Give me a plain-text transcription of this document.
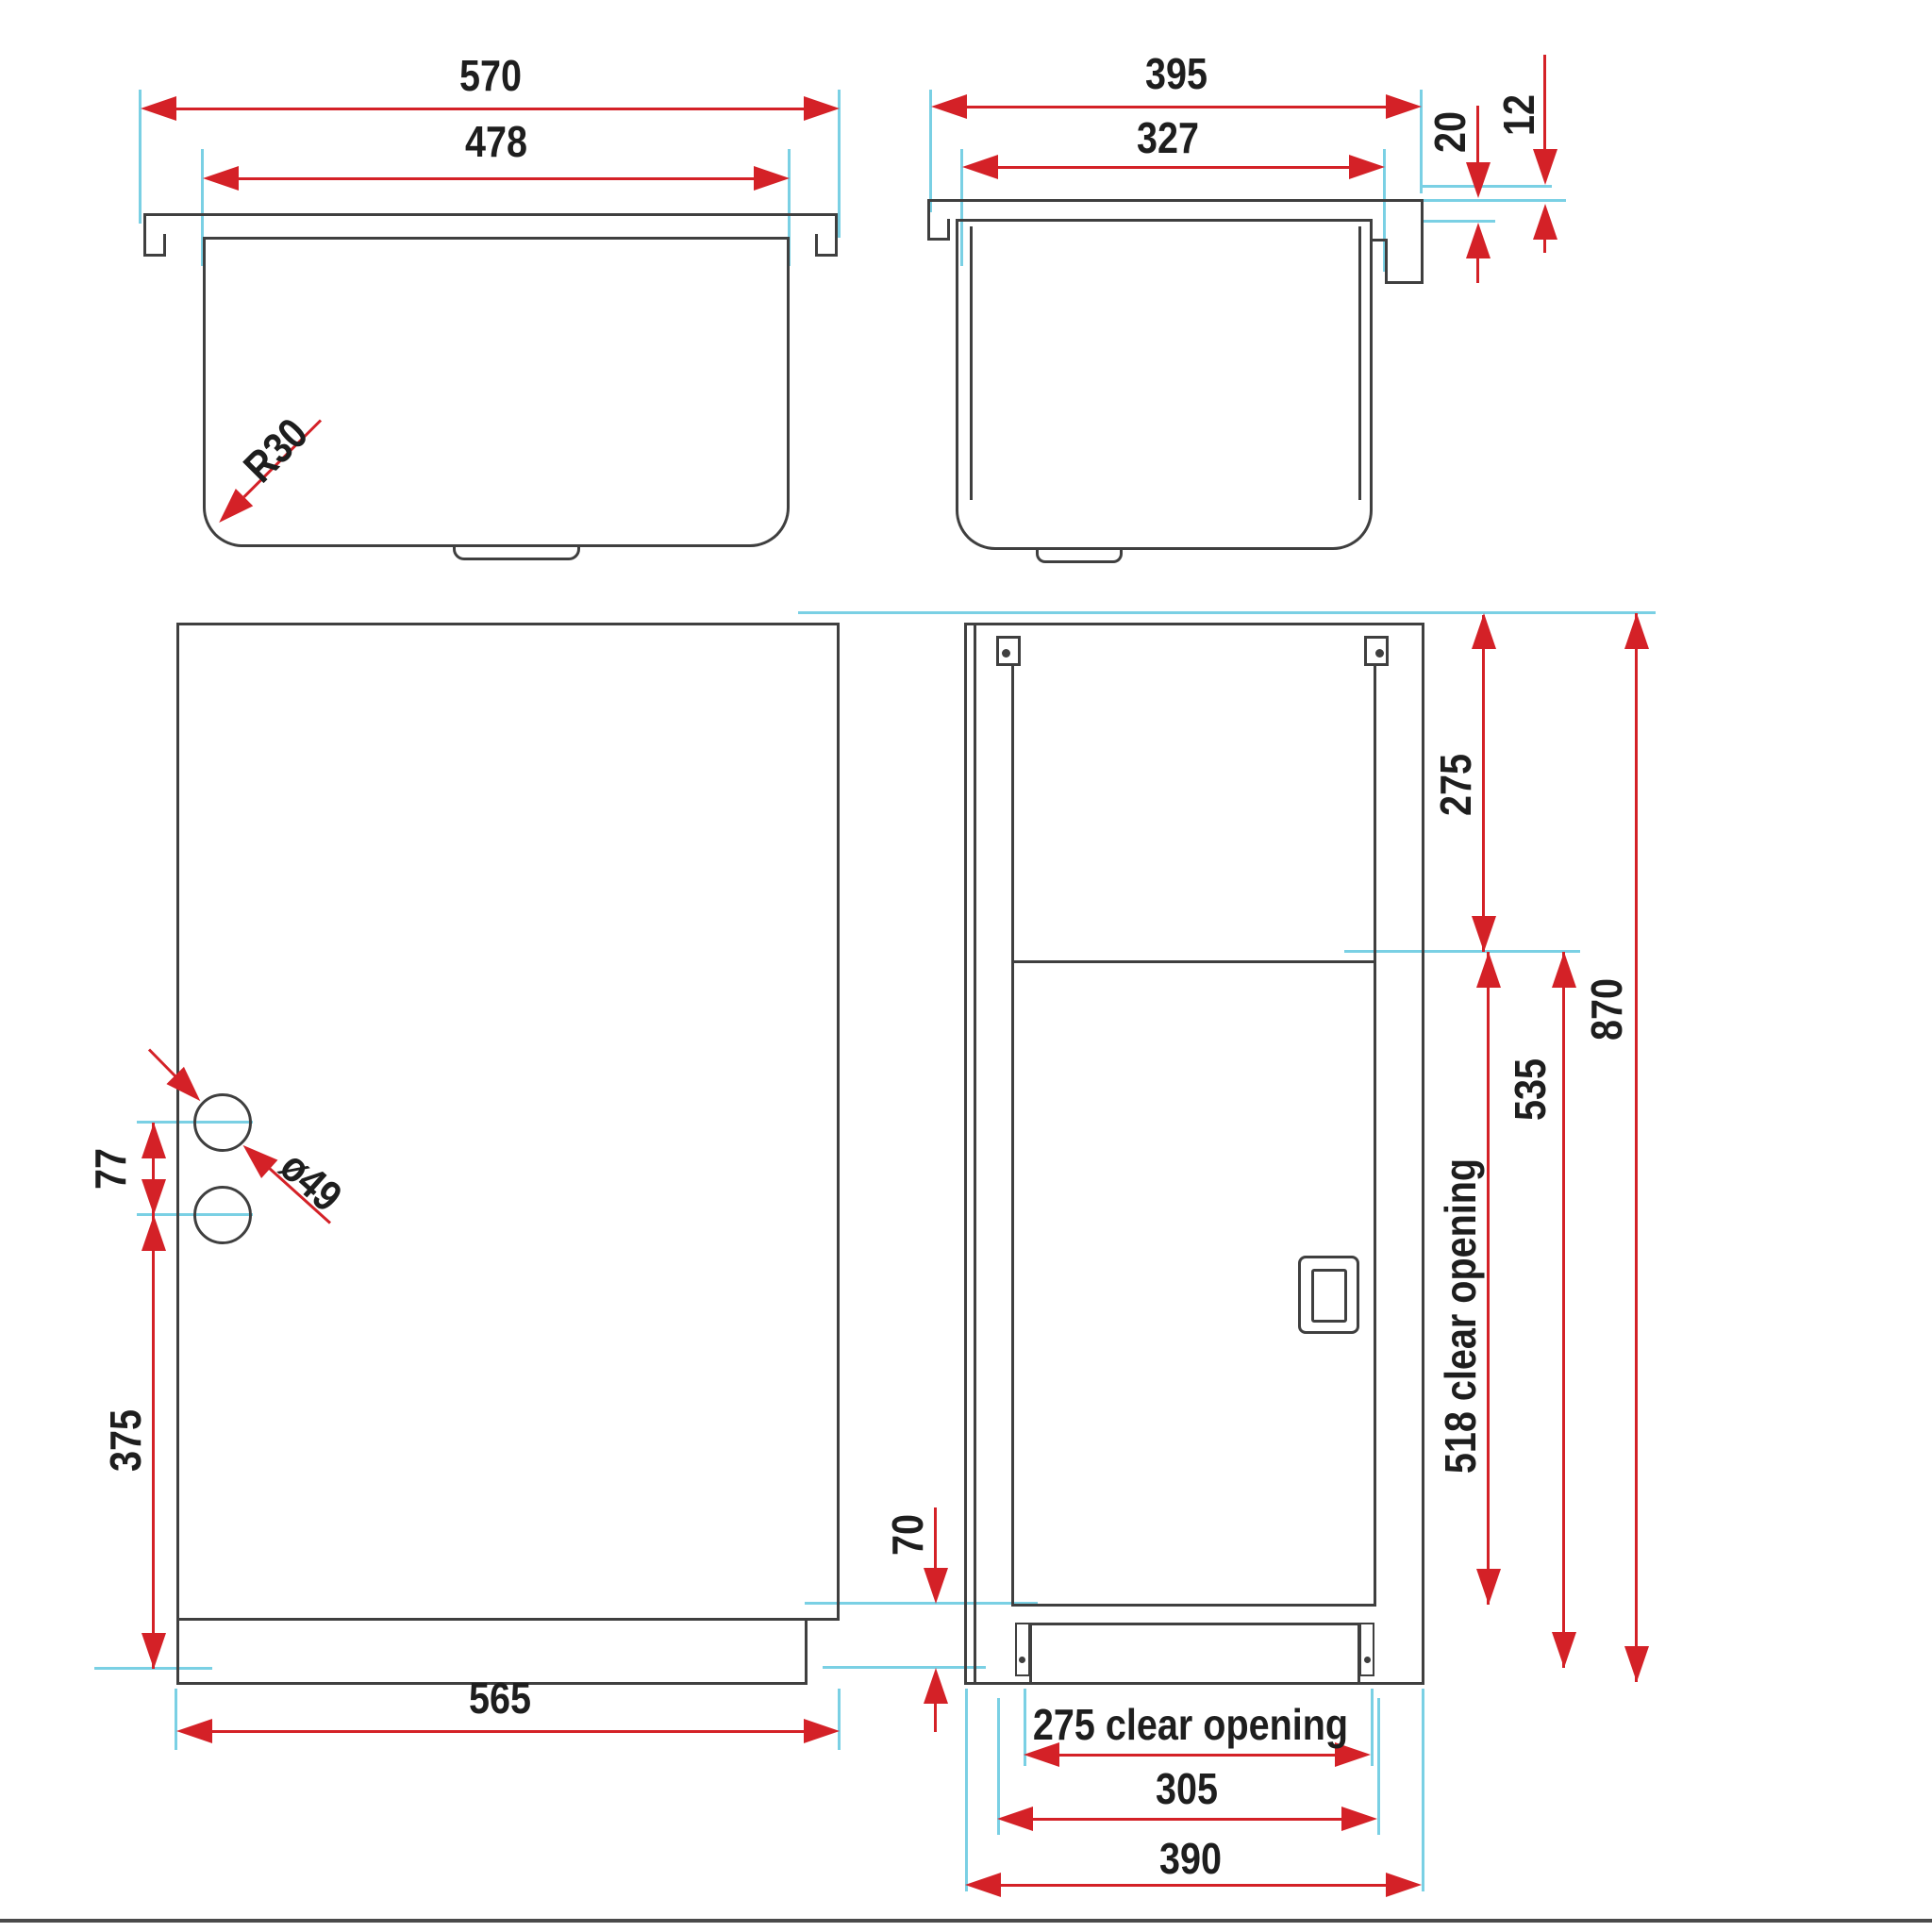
570
478
R30
395
327	20 12
77
375
ø49
565
70
275
518 clear opening
535
870
275 clear opening
305
390
